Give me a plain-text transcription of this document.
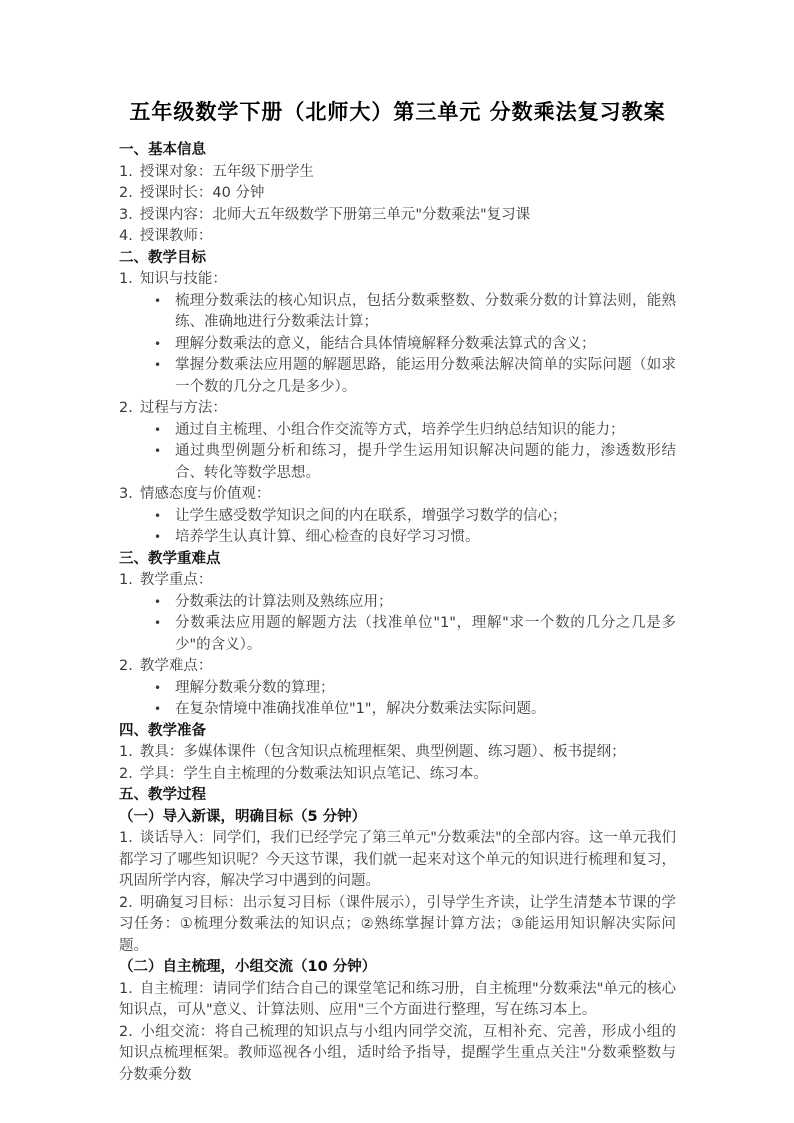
五年级数学下册（北师大）第三单元 分数乘法复习教案

一、基本信息

1. 授课对象：五年级下册学生

2. 授课时长：40 分钟

3. 授课内容：北师大五年级数学下册第三单元"分数乘法"复习课

4. 授课教师：

二、教学目标

1. 知识与技能：

• 梳理分数乘法的核心知识点，包括分数乘整数、分数乘分数的计算法则，能熟练、准确地进行分数乘法计算；

• 理解分数乘法的意义，能结合具体情境解释分数乘法算式的含义；

• 掌握分数乘法应用题的解题思路，能运用分数乘法解决简单的实际问题（如求一个数的几分之几是多少）。

2. 过程与方法：

• 通过自主梳理、小组合作交流等方式，培养学生归纳总结知识的能力；

• 通过典型例题分析和练习，提升学生运用知识解决问题的能力，渗透数形结合、转化等数学思想。

3. 情感态度与价值观：

• 让学生感受数学知识之间的内在联系，增强学习数学的信心；

• 培养学生认真计算、细心检查的良好学习习惯。

三、教学重难点

1. 教学重点：

• 分数乘法的计算法则及熟练应用；

• 分数乘法应用题的解题方法（找准单位"1"，理解"求一个数的几分之几是多少"的含义）。

2. 教学难点：

• 理解分数乘分数的算理；

• 在复杂情境中准确找准单位"1"，解决分数乘法实际问题。

四、教学准备

1. 教具：多媒体课件（包含知识点梳理框架、典型例题、练习题）、板书提纲；

2. 学具：学生自主梳理的分数乘法知识点笔记、练习本。

五、教学过程

（一）导入新课，明确目标（5 分钟）

1. 谈话导入：同学们，我们已经学完了第三单元"分数乘法"的全部内容。这一单元我们都学习了哪些知识呢？今天这节课，我们就一起来对这个单元的知识进行梳理和复习，巩固所学内容，解决学习中遇到的问题。

2. 明确复习目标：出示复习目标（课件展示），引导学生齐读，让学生清楚本节课的学习任务：①梳理分数乘法的知识点；②熟练掌握计算方法；③能运用知识解决实际问题。

（二）自主梳理，小组交流（10 分钟）

1. 自主梳理：请同学们结合自己的课堂笔记和练习册，自主梳理"分数乘法"单元的核心知识点，可从"意义、计算法则、应用"三个方面进行整理，写在练习本上。

2. 小组交流：将自己梳理的知识点与小组内同学交流，互相补充、完善，形成小组的知识点梳理框架。教师巡视各小组，适时给予指导，提醒学生重点关注"分数乘整数与分数乘分数
